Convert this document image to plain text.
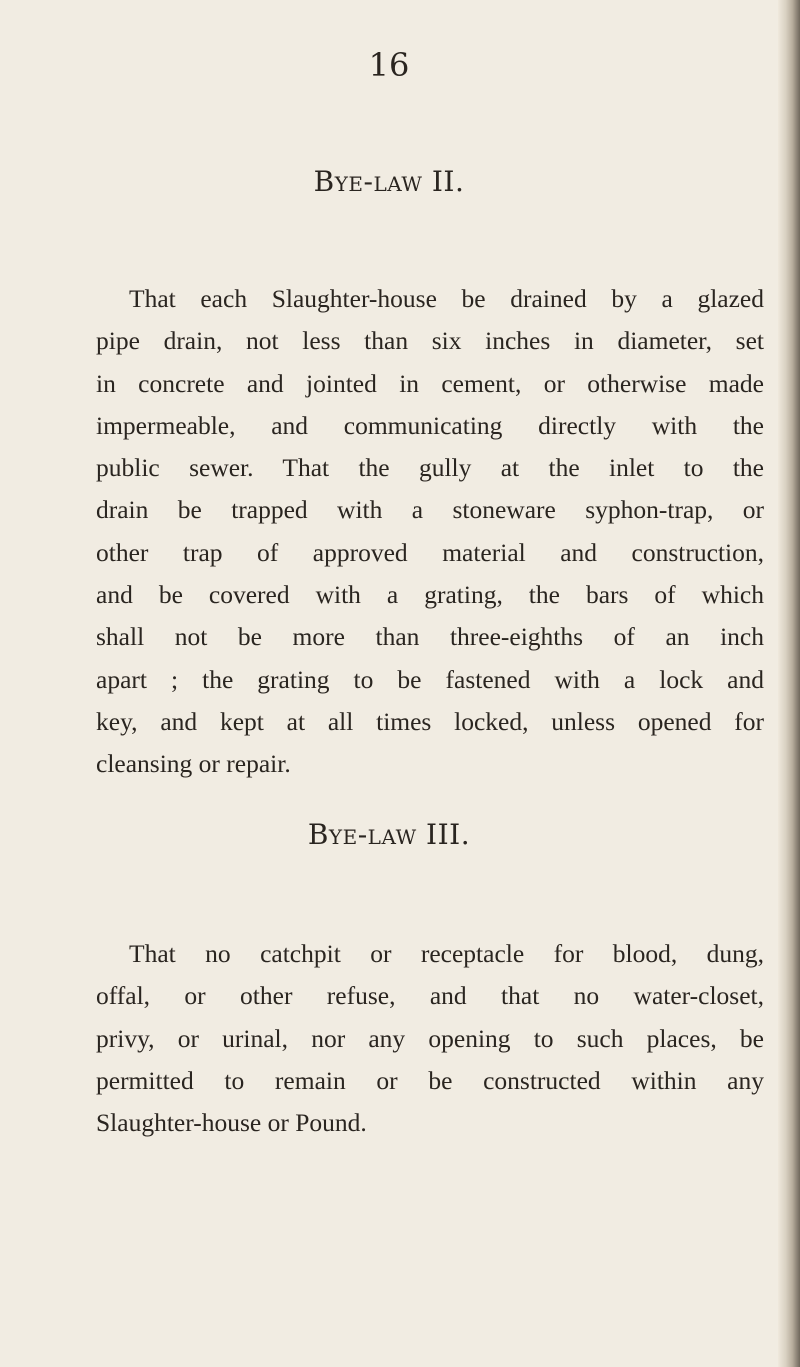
16
Bye-law II.

That each Slaughter-house be drained by a glazed
pipe drain, not less than six inches in diameter, set
in concrete and jointed in cement, or otherwise made
impermeable, and communicating directly with the
public sewer. That the gully at the inlet to the
drain be trapped with a stoneware syphon-trap, or
other trap of approved material and construction,
and be covered with a grating, the bars of which
shall not be more than three-eighths of an inch
apart ; the grating to be fastened with a lock and
key, and kept at all times locked, unless opened for
cleansing or repair.

Bye-law III.

That no catchpit or receptacle for blood, dung,
offal, or other refuse, and that no water-closet,
privy, or urinal, nor any opening to such places, be
permitted to remain or be constructed within any
Slaughter-house or Pound.
